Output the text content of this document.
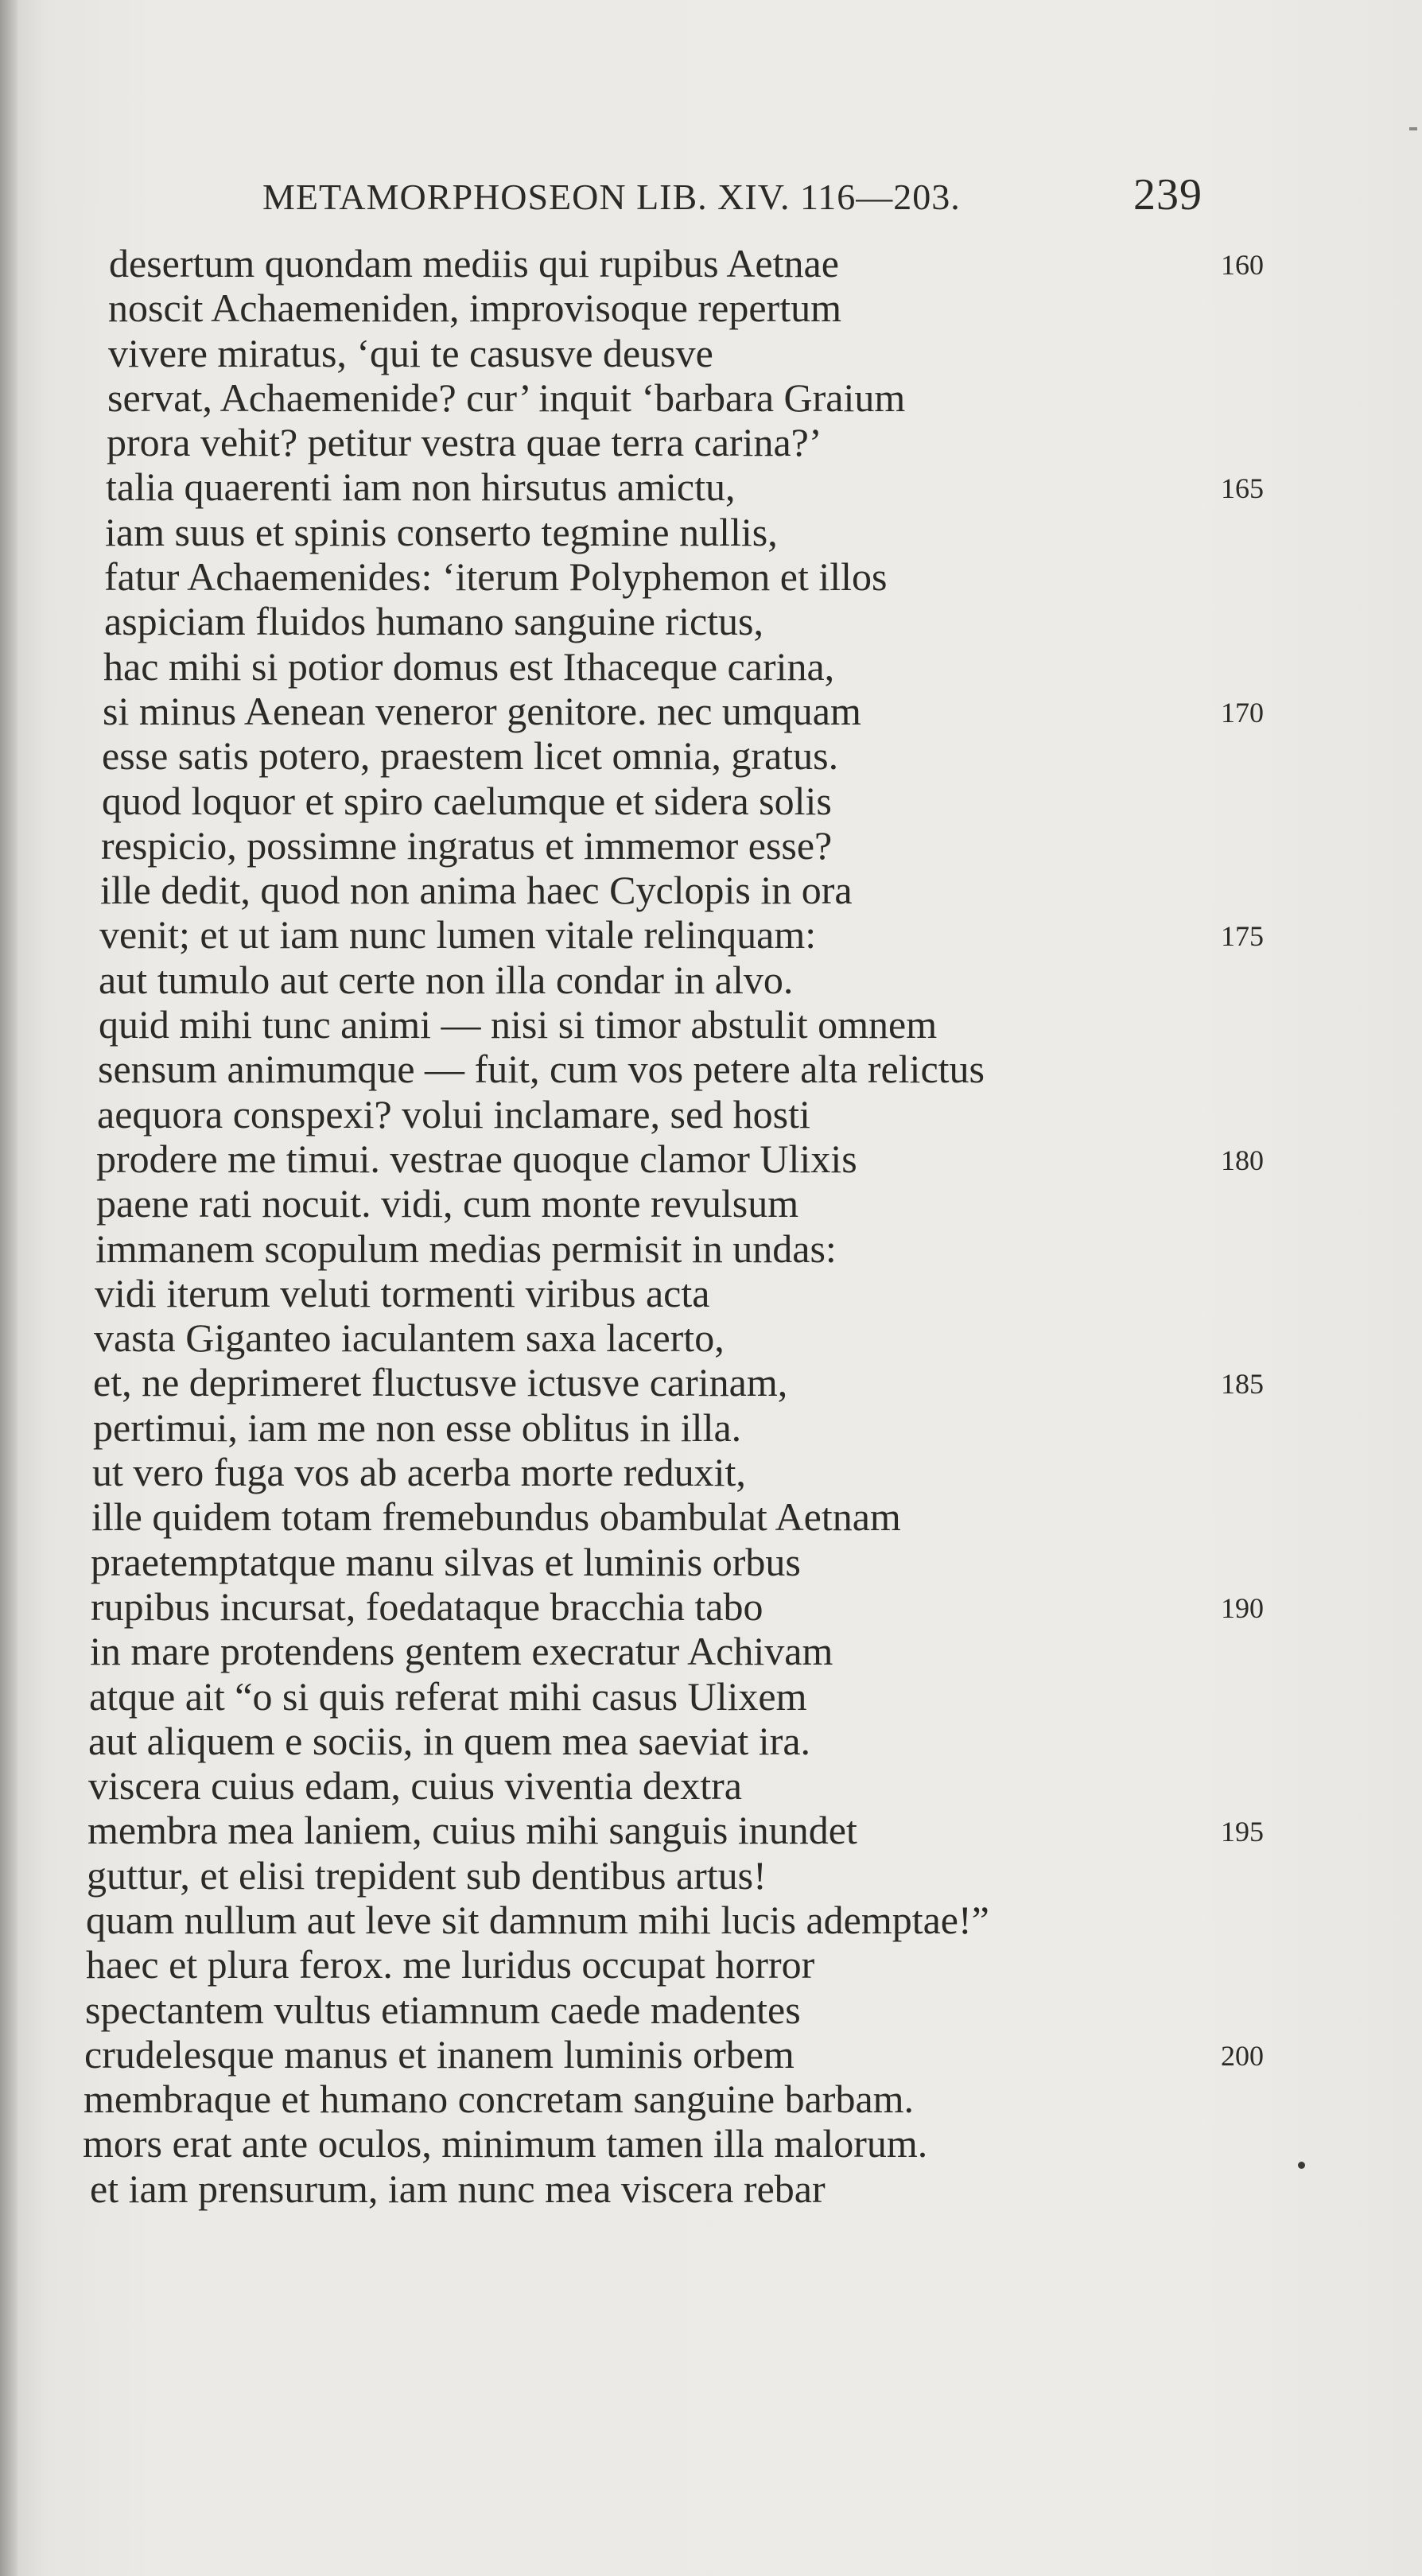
METAMORPHOSEON LIB. XIV. 116—203.	239
desertum quondam mediis qui rupibus Aetnae	160
noscit Achaemeniden, improvisoque repertum
vivere miratus, ‘qui te casusve deusve
servat, Achaemenide? cur’ inquit ‘barbara Graium
prora vehit? petitur vestra quae terra carina?’
talia quaerenti iam non hirsutus amictu,	165
iam suus et spinis conserto tegmine nullis,
fatur Achaemenides: ‘iterum Polyphemon et illos
aspiciam fluidos humano sanguine rictus,
hac mihi si potior domus est Ithaceque carina,
si minus Aenean veneror genitore. nec umquam	170
esse satis potero, praestem licet omnia, gratus.
quod loquor et spiro caelumque et sidera solis
respicio, possimne ingratus et immemor esse?
ille dedit, quod non anima haec Cyclopis in ora
venit; et ut iam nunc lumen vitale relinquam:	175
aut tumulo aut certe non illa condar in alvo.
quid mihi tunc animi — nisi si timor abstulit omnem
sensum animumque — fuit, cum vos petere alta relictus
aequora conspexi? volui inclamare, sed hosti
prodere me timui. vestrae quoque clamor Ulixis	180
paene rati nocuit. vidi, cum monte revulsum
immanem scopulum medias permisit in undas:
vidi iterum veluti tormenti viribus acta
vasta Giganteo iaculantem saxa lacerto,
et, ne deprimeret fluctusve ictusve carinam,	185
pertimui, iam me non esse oblitus in illa.
ut vero fuga vos ab acerba morte reduxit,
ille quidem totam fremebundus obambulat Aetnam
praetemptatque manu silvas et luminis orbus
rupibus incursat, foedataque bracchia tabo	190
in mare protendens gentem execratur Achivam
atque ait “o si quis referat mihi casus Ulixem
aut aliquem e sociis, in quem mea saeviat ira.
viscera cuius edam, cuius viventia dextra
membra mea laniem, cuius mihi sanguis inundet	195
guttur, et elisi trepident sub dentibus artus!
quam nullum aut leve sit damnum mihi lucis ademptae!”
haec et plura ferox. me luridus occupat horror
spectantem vultus etiamnum caede madentes
crudelesque manus et inanem luminis orbem	200
membraque et humano concretam sanguine barbam.
mors erat ante oculos, minimum tamen illa malorum.
et iam prensurum, iam nunc mea viscera rebar
